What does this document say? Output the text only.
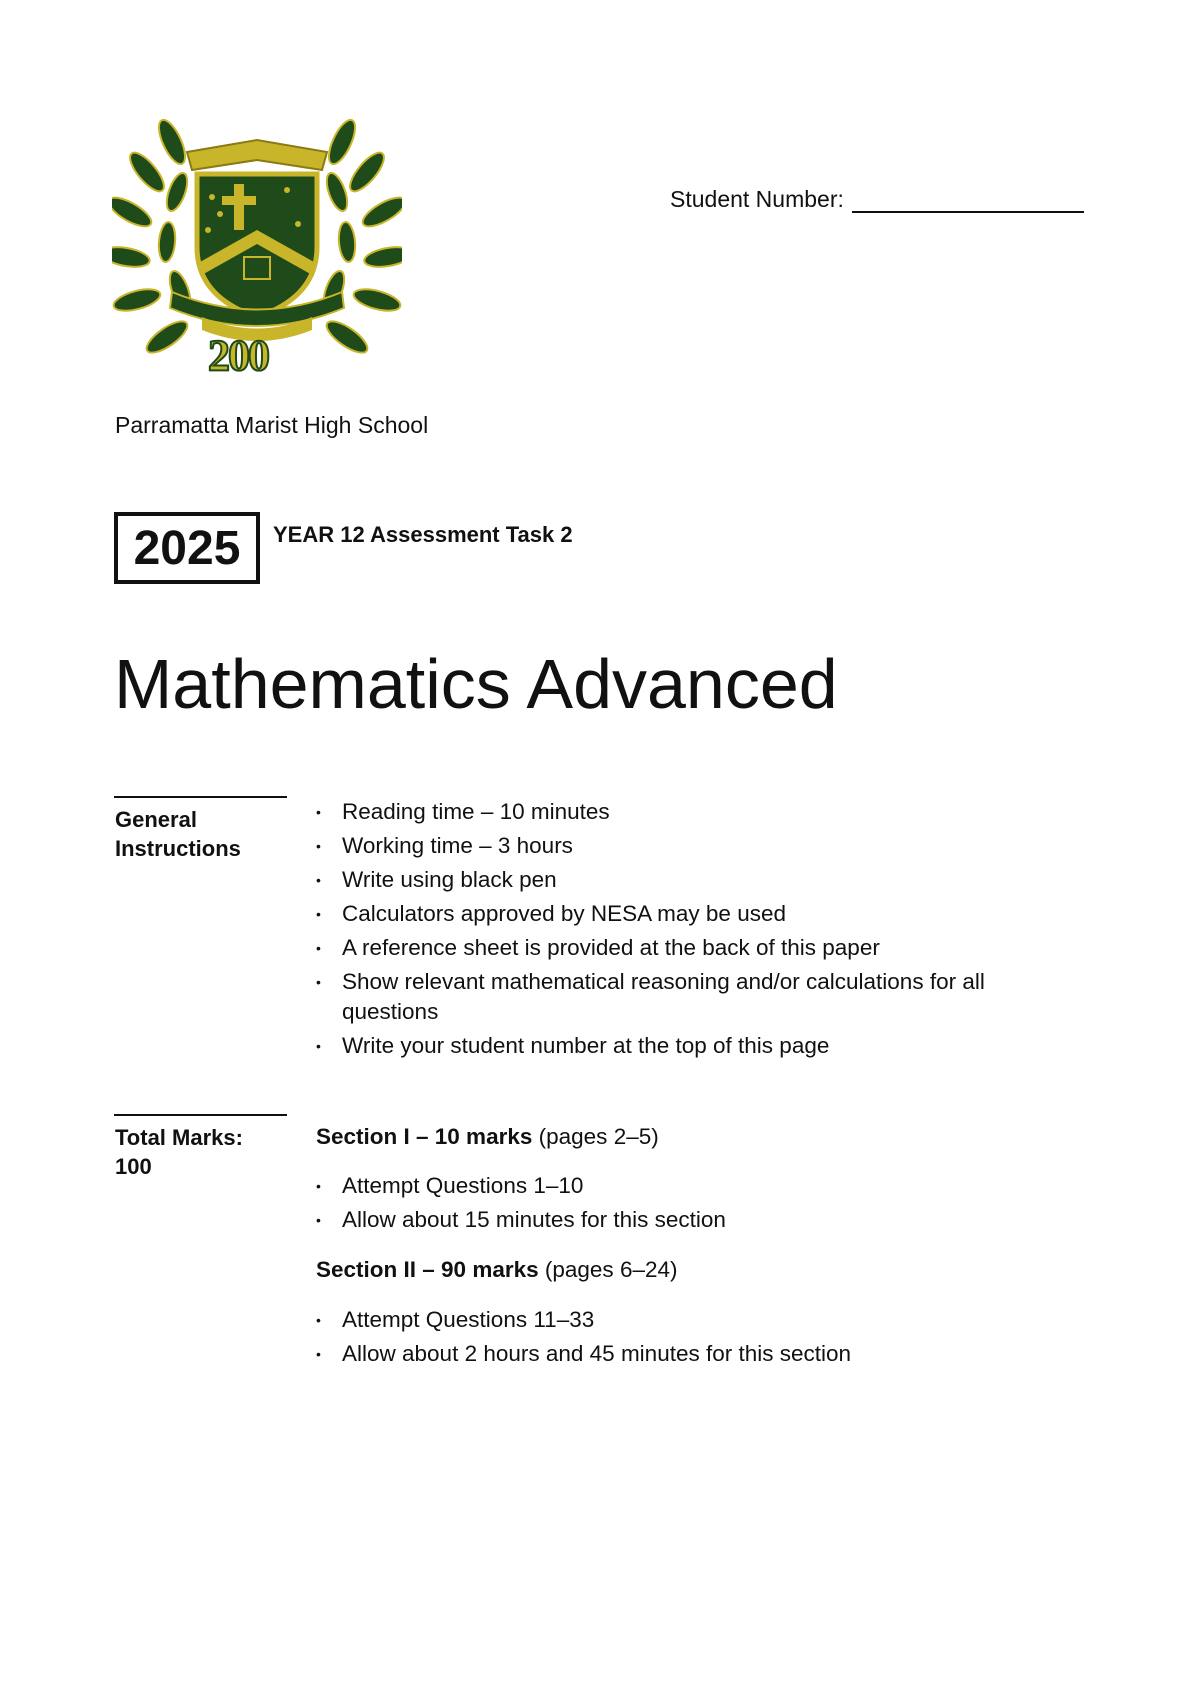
200
Student Number:
Parramatta Marist High School
2025	YEAR 12 Assessment Task 2
Mathematics Advanced
General
Instructions
• Reading time – 10 minutes
• Working time – 3 hours
• Write using black pen
• Calculators approved by NESA may be used
• A reference sheet is provided at the back of this paper
• Show relevant mathematical reasoning and/or calculations for all questions
• Write your student number at the top of this page
Total Marks:
100
Section I – 10 marks (pages 2–5)
• Attempt Questions 1–10
• Allow about 15 minutes for this section
Section II – 90 marks (pages 6–24)
• Attempt Questions 11–33
• Allow about 2 hours and 45 minutes for this section
